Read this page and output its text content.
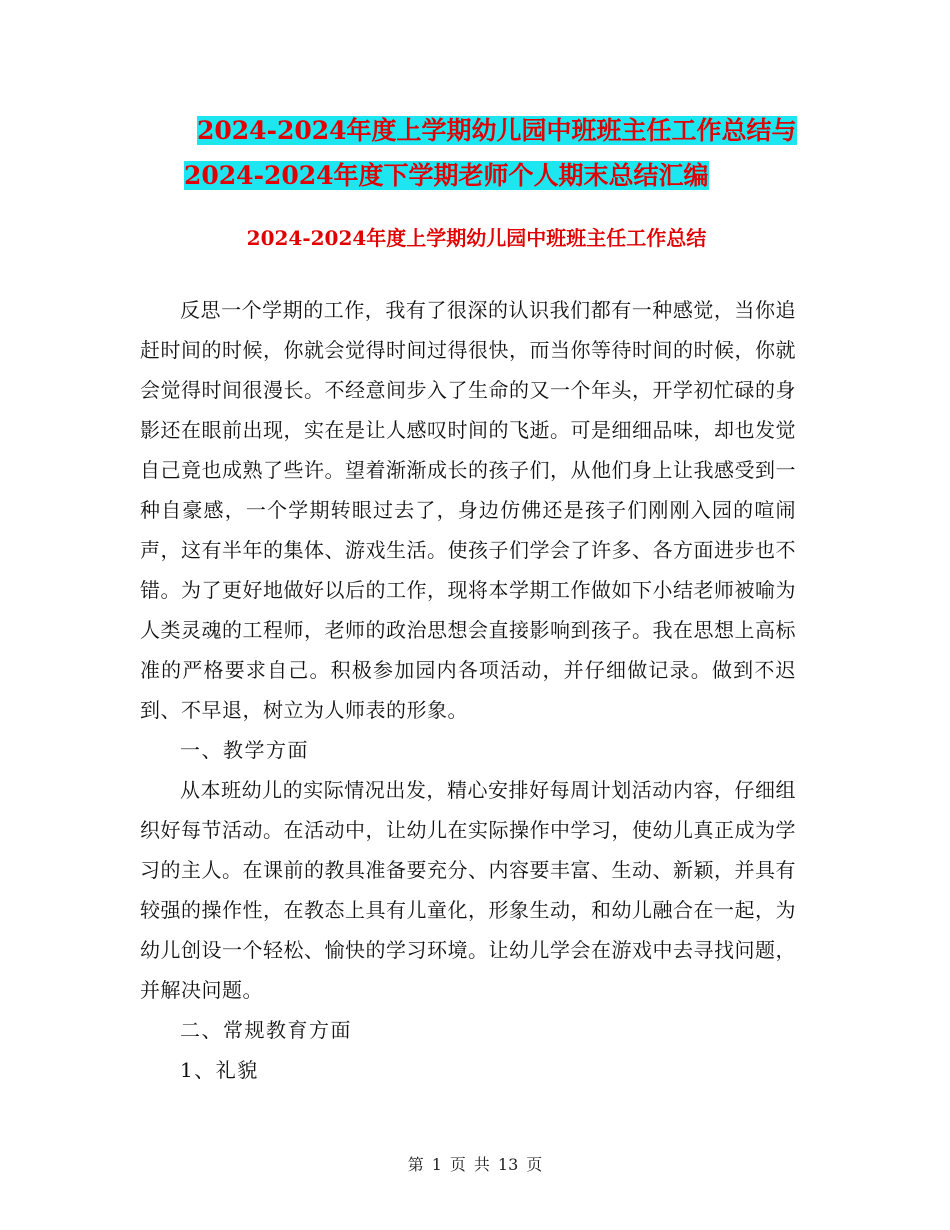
2024-2024年度上学期幼儿园中班班主任工作总结与
2024-2024年度下学期老师个人期末总结汇编
2024-2024年度上学期幼儿园中班班主任工作总结

反思一个学期的工作，我有了很深的认识我们都有一种感觉，当你追赶时间的时候，你就会觉得时间过得很快，而当你等待时间的时候，你就会觉得时间很漫长。不经意间步入了生命的又一个年头，开学初忙碌的身影还在眼前出现，实在是让人感叹时间的飞逝。可是细细品味，却也发觉自己竟也成熟了些许。望着渐渐成长的孩子们，从他们身上让我感受到一种自豪感，一个学期转眼过去了，身边仿佛还是孩子们刚刚入园的喧闹声，这有半年的集体、游戏生活。使孩子们学会了许多、各方面进步也不错。为了更好地做好以后的工作，现将本学期工作做如下小结老师被喻为人类灵魂的工程师，老师的政治思想会直接影响到孩子。我在思想上高标准的严格要求自己。积极参加园内各项活动，并仔细做记录。做到不迟到、不早退，树立为人师表的形象。

一、教学方面

从本班幼儿的实际情况出发，精心安排好每周计划活动内容，仔细组织好每节活动。在活动中，让幼儿在实际操作中学习，使幼儿真正成为学习的主人。在课前的教具准备要充分、内容要丰富、生动、新颖，并具有较强的操作性，在教态上具有儿童化，形象生动，和幼儿融合在一起，为幼儿创设一个轻松、愉快的学习环境。让幼儿学会在游戏中去寻找问题，并解决问题。

二、常规教育方面

1、礼貌

第 1 页 共 13 页
